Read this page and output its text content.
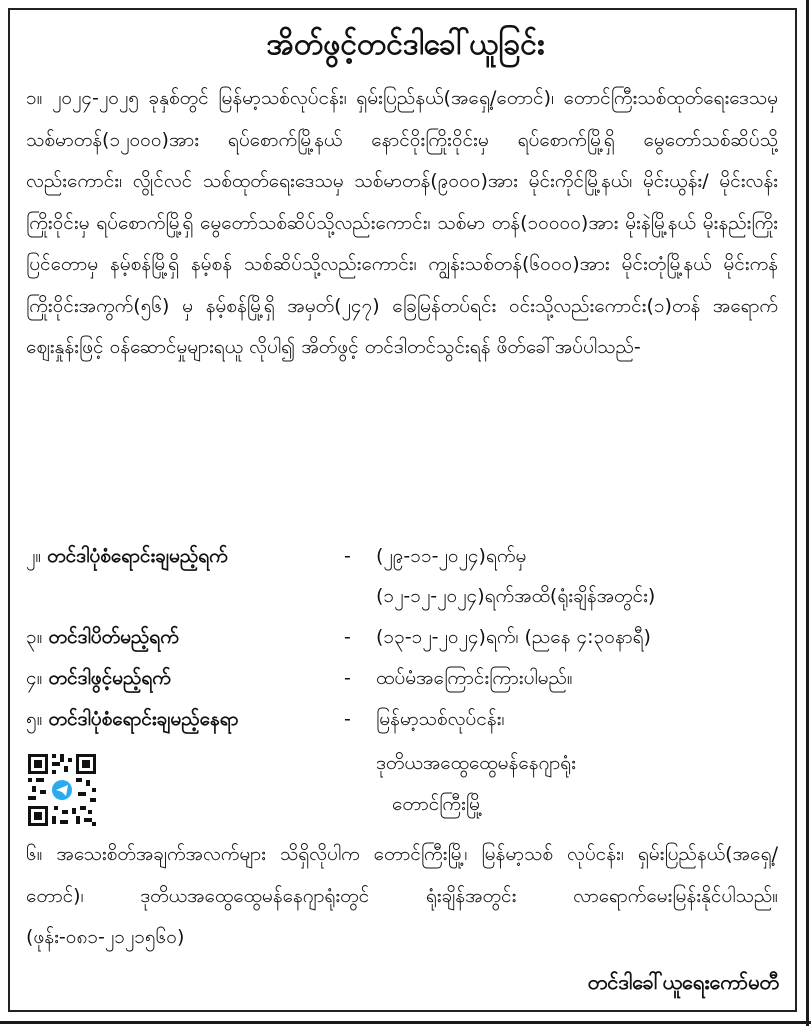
အိတ်ဖွင့်တင်ဒါခေါ်ယူခြင်း
၁။ ၂၀၂၄-၂၀၂၅ ခုနှစ်တွင် မြန်မာ့သစ်လုပ်ငန်း၊ ရှမ်းပြည်နယ်(အရှေ့/တောင်)၊ တောင်ကြီးသစ်ထုတ်ရေးဒေသမှ သစ်မာတန်(၁၂၀၀၀)အား ရပ်စောက်မြို့နယ် နောင်ဝိုးကြိုးဝိုင်းမှ ရပ်စောက်မြို့ရှိ မွေတော်သစ်ဆိပ်သို့လည်းကောင်း၊ လွိုင်လင် သစ်ထုတ်ရေးဒေသမှ သစ်မာတန်(၉၀၀၀)အား မိုင်းကိုင်မြို့နယ်၊ မိုင်းယွန်း/ မိုင်းလန်းကြိုးဝိုင်းမှ ရပ်စောက်မြို့ရှိ မွေတော်သစ်ဆိပ်သို့လည်းကောင်း၊ သစ်မာ တန်(၁၀၀၀၀)အား မိုးနဲမြို့နယ် မိုးနည်းကြိုးပြင်တောမှ နမ့်စန်မြို့ရှိ နမ့်စန် သစ်ဆိပ်သို့လည်းကောင်း၊ ကျွန်းသစ်တန်(၆၀၀၀)အား မိုင်းတုံမြို့နယ် မိုင်းကန်ကြိုးဝိုင်းအကွက်(၅၆) မှ နမ့်စန်မြို့ရှိ အမှတ်(၂၄၇) ခြေမြန်တပ်ရင်း ဝင်းသို့လည်းကောင်း(၁)တန် အရောက်ဈေးနှုန်းဖြင့် ဝန်ဆောင်မှုများရယူ လိုပါ၍ အိတ်ဖွင့် တင်ဒါတင်သွင်းရန် ဖိတ်ခေါ်အပ်ပါသည်-
၂။ တင်ဒါပုံစံရောင်းချမည့်ရက်	- (၂၉-၁၁-၂၀၂၄)ရက်မှ
(၁၂-၁၂-၂၀၂၄)ရက်အထိ(ရုံးချိန်အတွင်း)
၃။ တင်ဒါပိတ်မည့်ရက်	- (၁၃-၁၂-၂၀၂၄)ရက်၊ (ညနေ ၄:၃၀နာရီ)
၄။ တင်ဒါဖွင့်မည့်ရက်	- ထပ်မံအကြောင်းကြားပါမည်။
၅။ တင်ဒါပုံစံရောင်းချမည့်နေရာ	- မြန်မာ့သစ်လုပ်ငန်း၊
ဒုတိယအထွေထွေမန်နေဂျာရုံး
တောင်ကြီးမြို့
၆။ အသေးစိတ်အချက်အလက်များ သိရှိလိုပါက တောင်ကြီးမြို့၊ မြန်မာ့သစ် လုပ်ငန်း၊ ရှမ်းပြည်နယ်(အရှေ့/တောင်)၊ ဒုတိယအထွေထွေမန်နေဂျာရုံးတွင် ရုံးချိန်အတွင်း လာရောက်မေးမြန်းနိုင်ပါသည်။ (ဖုန်း-၀၈၁-၂၁၂၁၅၆၀)
တင်ဒါခေါ်ယူရေးကော်မတီ
